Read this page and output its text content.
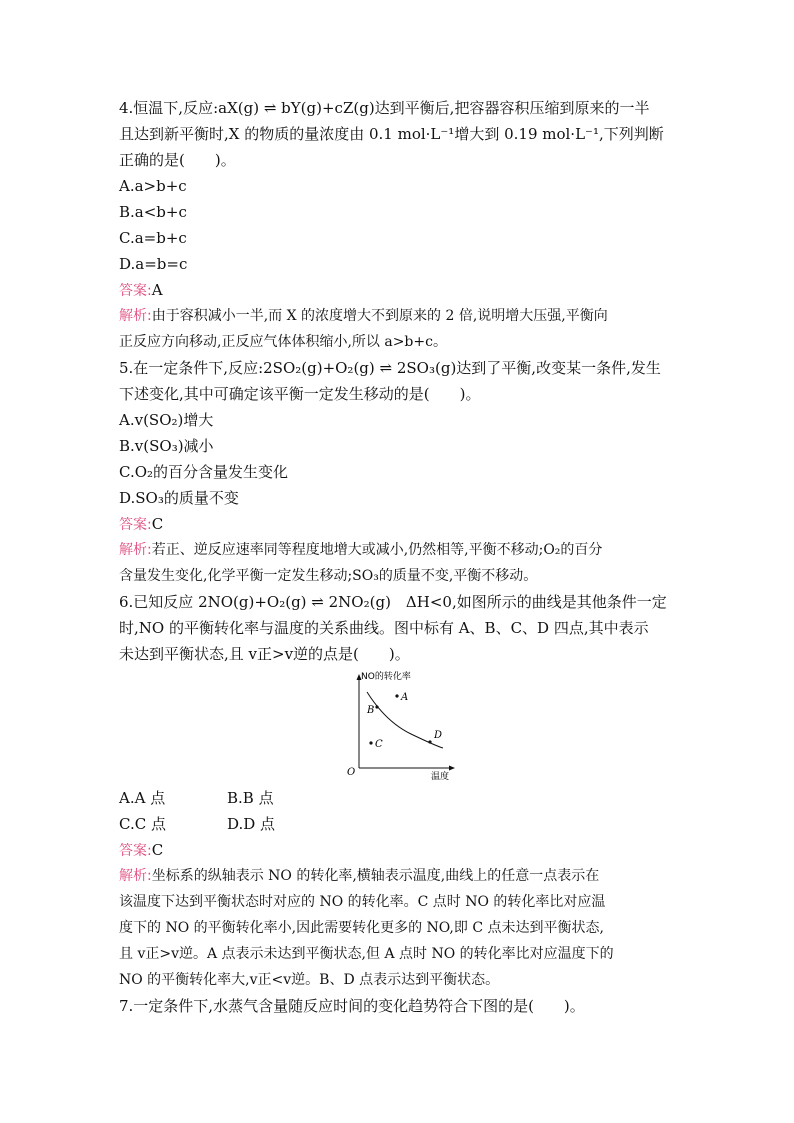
4.恒温下,反应:aX(g) ⇌ bY(g)+cZ(g)达到平衡后,把容器容积压缩到原来的一半
且达到新平衡时,X 的物质的量浓度由 0.1 mol·L⁻¹增大到 0.19 mol·L⁻¹,下列判断
正确的是(　　)。
A.a>b+c
B.a<b+c
C.a=b+c
D.a=b=c
答案:A
解析:由于容积减小一半,而 X 的浓度增大不到原来的 2 倍,说明增大压强,平衡向
正反应方向移动,正反应气体体积缩小,所以 a>b+c。
5.在一定条件下,反应:2SO₂(g)+O₂(g) ⇌ 2SO₃(g)达到了平衡,改变某一条件,发生
下述变化,其中可确定该平衡一定发生移动的是(　　)。
A.v(SO₂)增大
B.v(SO₃)减小
C.O₂的百分含量发生变化
D.SO₃的质量不变
答案:C
解析:若正、逆反应速率同等程度地增大或减小,仍然相等,平衡不移动;O₂的百分
含量发生变化,化学平衡一定发生移动;SO₃的质量不变,平衡不移动。
6.已知反应 2NO(g)+O₂(g) ⇌ 2NO₂(g)　ΔH<0,如图所示的曲线是其他条件一定
时,NO 的平衡转化率与温度的关系曲线。图中标有 A、B、C、D 四点,其中表示
未达到平衡状态,且 v正>v逆的点是(　　)。
NO的转化率
温度
O
A
B
C
D
A.A 点	B.B 点
C.C 点	D.D 点
答案:C
解析:坐标系的纵轴表示 NO 的转化率,横轴表示温度,曲线上的任意一点表示在
该温度下达到平衡状态时对应的 NO 的转化率。C 点时 NO 的转化率比对应温
度下的 NO 的平衡转化率小,因此需要转化更多的 NO,即 C 点未达到平衡状态,
且 v正>v逆。A 点表示未达到平衡状态,但 A 点时 NO 的转化率比对应温度下的
NO 的平衡转化率大,v正<v逆。B、D 点表示达到平衡状态。
7.一定条件下,水蒸气含量随反应时间的变化趋势符合下图的是(　　)。
